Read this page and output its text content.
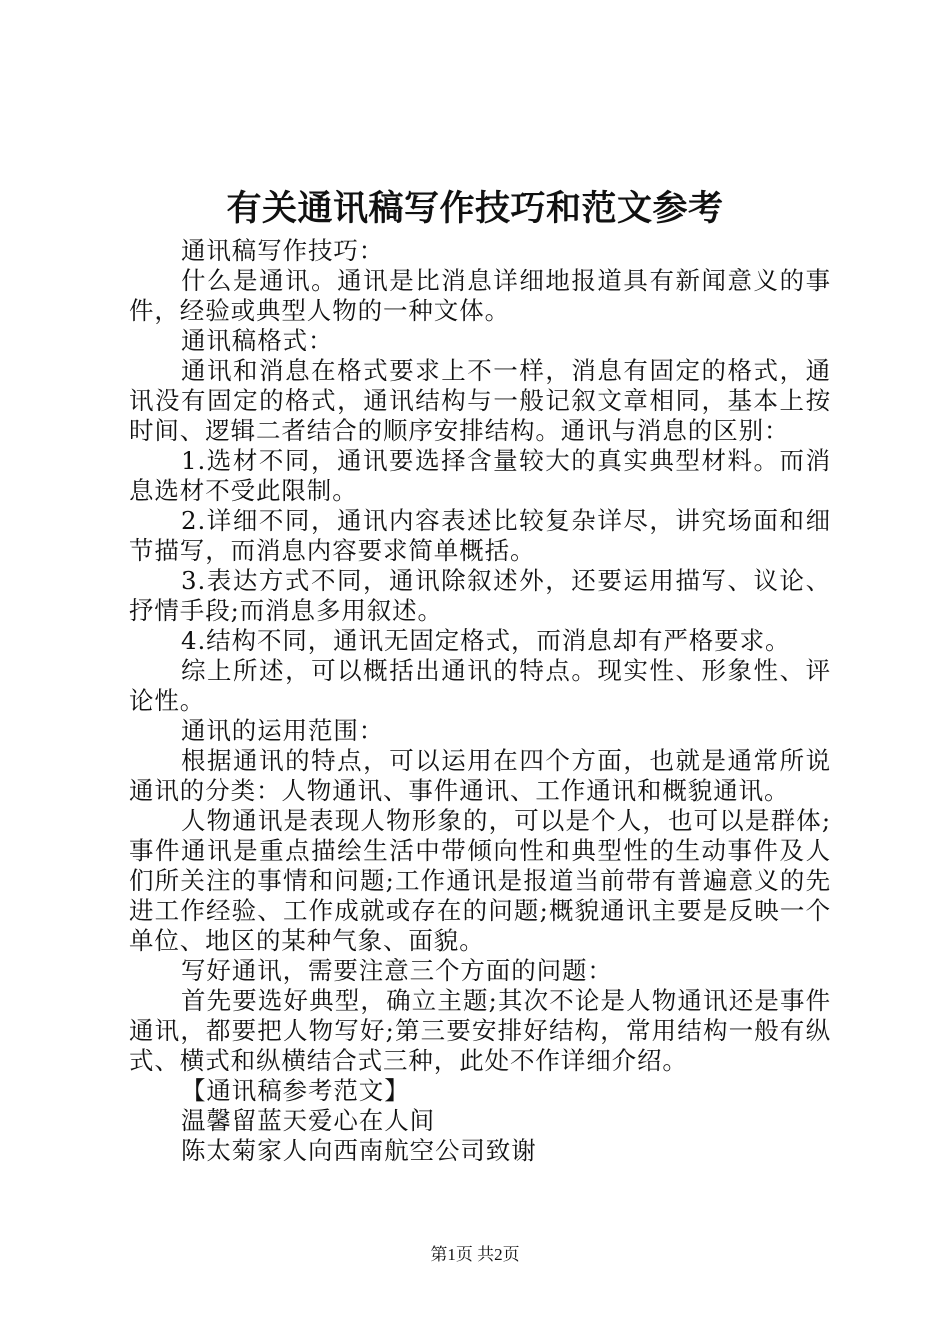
有关通讯稿写作技巧和范文参考

通讯稿写作技巧：

什么是通讯。通讯是比消息详细地报道具有新闻意义的事件，经验或典型人物的一种文体。

通讯稿格式：

通讯和消息在格式要求上不一样，消息有固定的格式，通讯没有固定的格式，通讯结构与一般记叙文章相同，基本上按时间、逻辑二者结合的顺序安排结构。通讯与消息的区别：

1.选材不同，通讯要选择含量较大的真实典型材料。而消息选材不受此限制。

2.详细不同，通讯内容表述比较复杂详尽，讲究场面和细节描写，而消息内容要求简单概括。

3.表达方式不同，通讯除叙述外，还要运用描写、议论、抒情手段;而消息多用叙述。

4.结构不同，通讯无固定格式，而消息却有严格要求。

综上所述，可以概括出通讯的特点。现实性、形象性、评论性。

通讯的运用范围：

根据通讯的特点，可以运用在四个方面，也就是通常所说通讯的分类：人物通讯、事件通讯、工作通讯和概貌通讯。

人物通讯是表现人物形象的，可以是个人，也可以是群体;事件通讯是重点描绘生活中带倾向性和典型性的生动事件及人们所关注的事情和问题;工作通讯是报道当前带有普遍意义的先进工作经验、工作成就或存在的问题;概貌通讯主要是反映一个单位、地区的某种气象、面貌。

写好通讯，需要注意三个方面的问题：

首先要选好典型，确立主题;其次不论是人物通讯还是事件通讯，都要把人物写好;第三要安排好结构，常用结构一般有纵式、横式和纵横结合式三种，此处不作详细介绍。

【通讯稿参考范文】

温馨留蓝天爱心在人间

陈太菊家人向西南航空公司致谢

第1页 共2页
